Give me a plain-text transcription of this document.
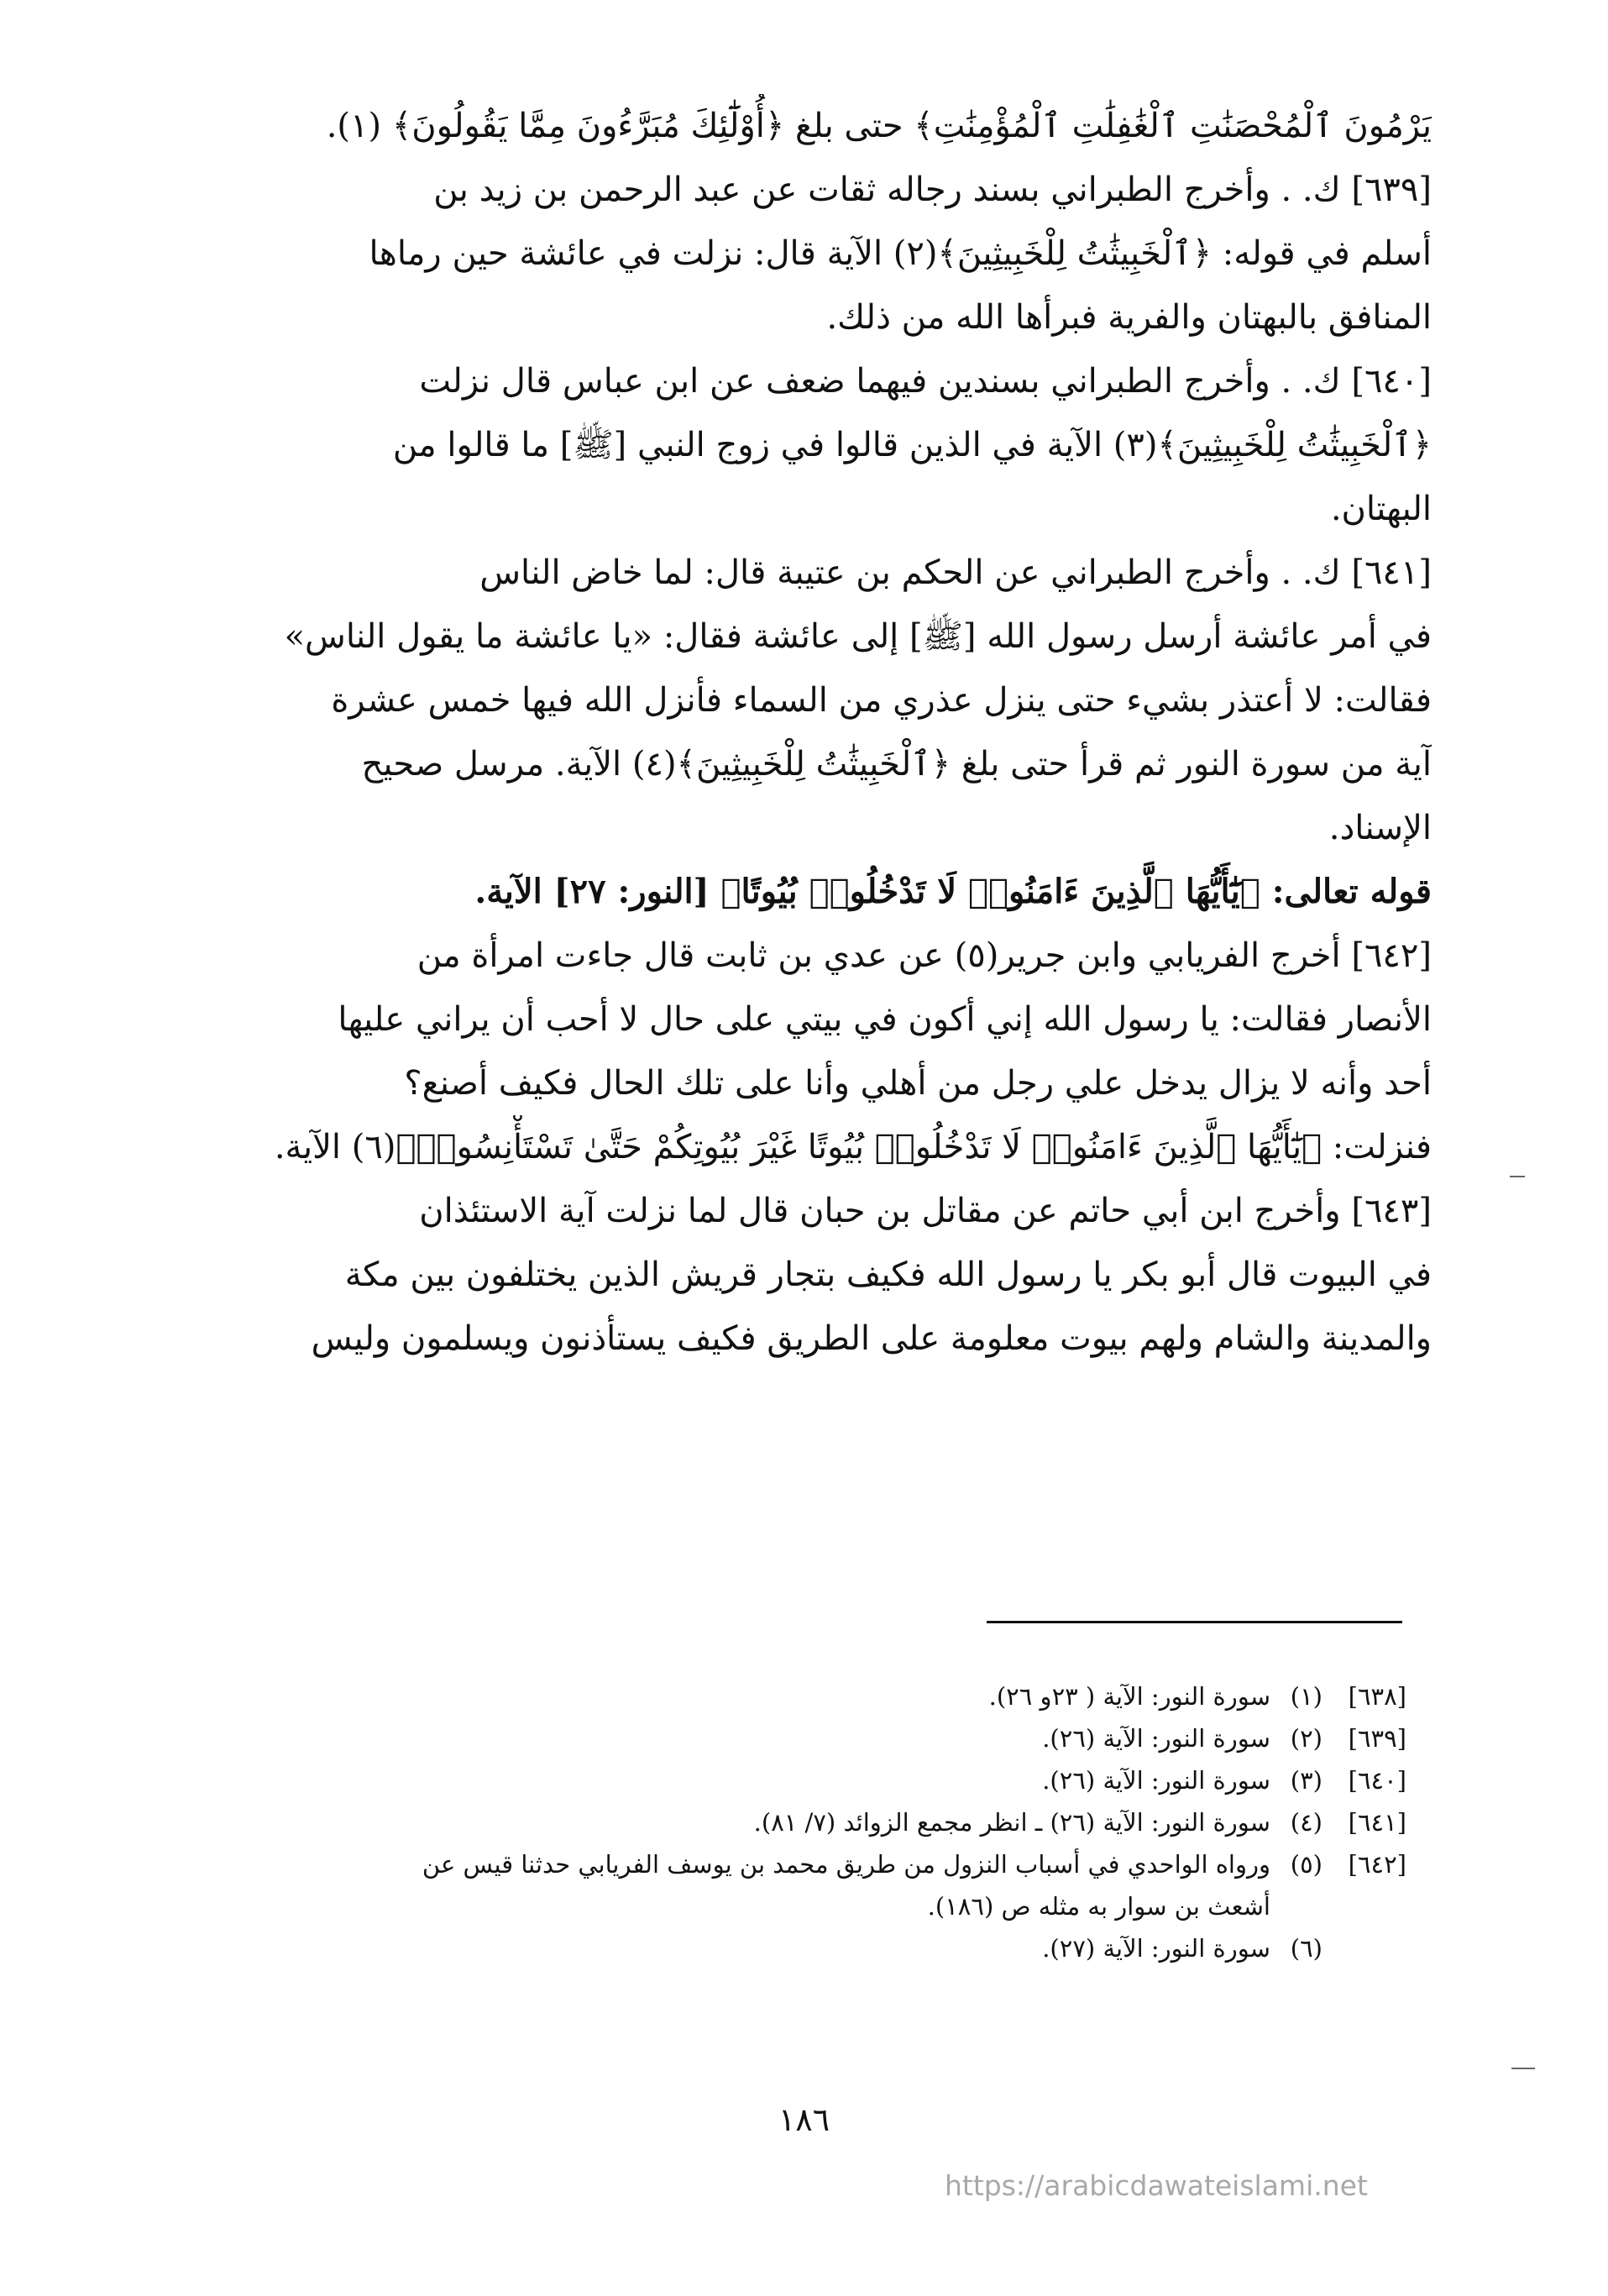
يَرْمُونَ ٱلْمُحْصَنَٰتِ ٱلْغَٰفِلَٰتِ ٱلْمُؤْمِنَٰتِ﴾ حتى بلغ ﴿أُوْلَٰٓئِكَ مُبَرَّءُونَ مِمَّا يَقُولُونَ﴾ (١).
[٦٣٩] ك. . وأخرج الطبراني بسند رجاله ثقات عن عبد الرحمن بن زيد بن
أسلم في قوله: ﴿ٱلْخَبِيثَٰتُ لِلْخَبِيثِينَ﴾(٢) الآية قال: نزلت في عائشة حين رماها
المنافق بالبهتان والفرية فبرأها الله من ذلك.
[٦٤٠] ك. . وأخرج الطبراني بسندين فيهما ضعف عن ابن عباس قال نزلت
﴿ٱلْخَبِيثَٰتُ لِلْخَبِيثِينَ﴾(٣) الآية في الذين قالوا في زوج النبي [ﷺ] ما قالوا من
البهتان.
[٦٤١] ك. . وأخرج الطبراني عن الحكم بن عتيبة قال: لما خاض الناس
في أمر عائشة أرسل رسول الله [ﷺ] إلى عائشة فقال: «يا عائشة ما يقول الناس»
فقالت: لا أعتذر بشيء حتى ينزل عذري من السماء فأنزل الله فيها خمس عشرة
آية من سورة النور ثم قرأ حتى بلغ ﴿ٱلْخَبِيثَٰتُ لِلْخَبِيثِينَ﴾(٤) الآية. مرسل صحيح
الإسناد.
قوله تعالى: ﴿يَٰٓأَيُّهَا ٱلَّذِينَ ءَامَنُوا۟ لَا تَدْخُلُوا۟ بُيُوتًا﴾ [النور: ٢٧] الآية.
[٦٤٢] أخرج الفريابي وابن جرير(٥) عن عدي بن ثابت قال جاءت امرأة من
الأنصار فقالت: يا رسول الله إني أكون في بيتي على حال لا أحب أن يراني عليها
أحد وأنه لا يزال يدخل علي رجل من أهلي وأنا على تلك الحال فكيف أصنع؟
فنزلت: ﴿يَٰٓأَيُّهَا ٱلَّذِينَ ءَامَنُوا۟ لَا تَدْخُلُوا۟ بُيُوتًا غَيْرَ بُيُوتِكُمْ حَتَّىٰ تَسْتَأْنِسُوا۟﴾(٦) الآية.
[٦٤٣] وأخرج ابن أبي حاتم عن مقاتل بن حبان قال لما نزلت آية الاستئذان
في البيوت قال أبو بكر يا رسول الله فكيف بتجار قريش الذين يختلفون بين مكة
والمدينة والشام ولهم بيوت معلومة على الطريق فكيف يستأذنون ويسلمون وليس
[٦٣٨]
(١)
سورة النور: الآية ( ٢٣و ٢٦).
[٦٣٩]
(٢)
سورة النور: الآية (٢٦).
[٦٤٠]
(٣)
سورة النور: الآية (٢٦).
[٦٤١]
(٤)
سورة النور: الآية (٢٦) ـ انظر مجمع الزوائد (٧/ ٨١).
[٦٤٢]
(٥)
ورواه الواحدي في أسباب النزول من طريق محمد بن يوسف الفريابي حدثنا قيس عن
أشعث بن سوار به مثله ص (١٨٦).
(٦)
سورة النور: الآية (٢٧).
١٨٦
https://arabicdawateislami.net
